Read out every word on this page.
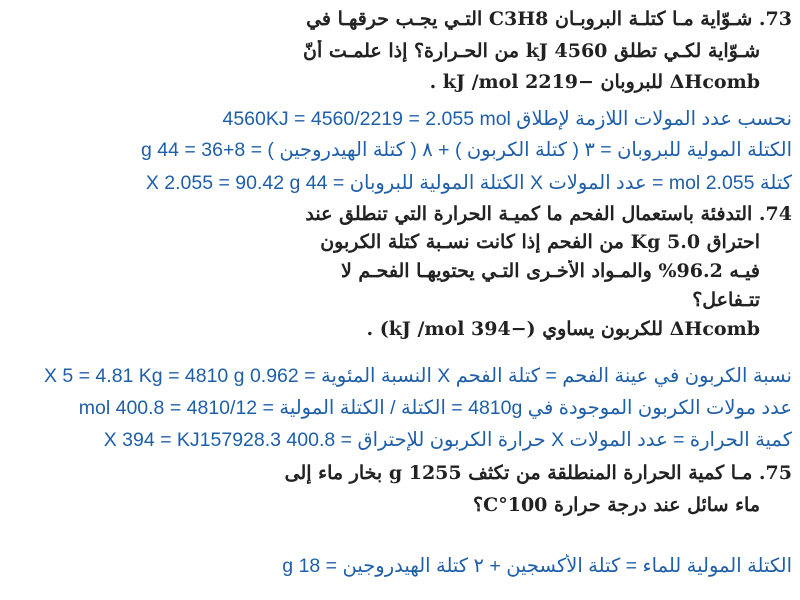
73. شـوّاية مـا كتلـة البروبـان C3H8 التـي يجـب حرقهـا في
شـوّاية لكـي تطلق 4560 kJ من الحـرارة؟ إذا علمـت أنّ
ΔHcomb للبروبان −2219 kJ /mol .
نحسب عدد المولات اللازمة لإطلاق 4560KJ = 4560/2219 = 2.055 mol
الكتلة المولية للبروبان = ٣ ( كتلة الكربون ) + ٨ ( كتلة الهيدروجين ) = 8+36 = 44 g
كتلة 2.055 mol = عدد المولات X الكتلة المولية للبروبان = 44 X 2.055 = 90.42 g
74. التدفئة باستعمال الفحم ما كميـة الحرارة التي تنطلق عند
احتراق 5.0 Kg من الفحم إذا كانت نسـبة كتلة الكربون
فيـه 96.2% والمـواد الأخـرى التـي يحتويهـا الفحـم لا
تتـفاعل؟
ΔHcomb للكربون يساوي (−394 kJ /mol) .
نسبة الكربون في عينة الفحم = كتلة الفحم X النسبة المئوية = 0.962 X 5 = 4.81 Kg = 4810 g
عدد مولات الكربون الموجودة في 4810g = الكتلة / الكتلة المولية = 4810/12 = 400.8 mol
كمية الحرارة = عدد المولات X حرارة الكربون للإحتراق = 400.8 X 394 = KJ157928.3
75. مـا كمية الحرارة المنطلقة من تكثف 1255 g بخار ماء إلى
ماء سائل عند درجة حرارة 100°C؟
الكتلة المولية للماء = كتلة الأكسجين + ٢ كتلة الهيدروجين = 18 g
